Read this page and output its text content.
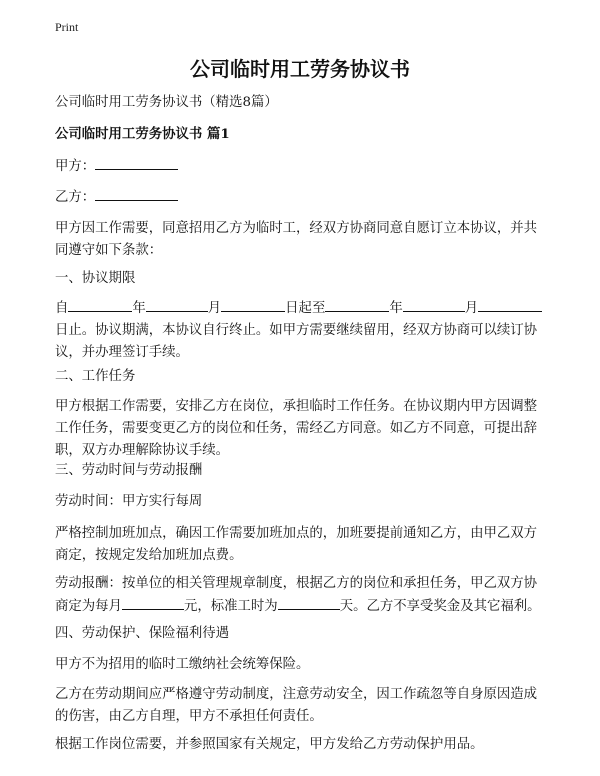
Print
公司临时用工劳务协议书

公司临时用工劳务协议书（精选8篇）

公司临时用工劳务协议书 篇1

甲方：

乙方：

甲方因工作需要，同意招用乙方为临时工，经双方协商同意自愿订立本协议，并共同遵守如下条款：

一、协议期限

自	年	月	日起至	年	月日止。协议期满，本协议自行终止。如甲方需要继续留用，经双方协商可以续订协议，并办理签订手续。

二、工作任务

甲方根据工作需要，安排乙方在岗位，承担临时工作任务。在协议期内甲方因调整工作任务，需要变更乙方的岗位和任务，需经乙方同意。如乙方不同意，可提出辞职，双方办理解除协议手续。

三、劳动时间与劳动报酬

劳动时间：甲方实行每周

严格控制加班加点，确因工作需要加班加点的，加班要提前通知乙方，由甲乙双方商定，按规定发给加班加点费。

劳动报酬：按单位的相关管理规章制度，根据乙方的岗位和承担任务，甲乙双方协商定为每月	元，标准工时为	天。乙方不享受奖金及其它福利。

四、劳动保护、保险福利待遇

甲方不为招用的临时工缴纳社会统筹保险。

乙方在劳动期间应严格遵守劳动制度，注意劳动安全，因工作疏忽等自身原因造成的伤害，由乙方自理，甲方不承担任何责任。

根据工作岗位需要，并参照国家有关规定，甲方发给乙方劳动保护用品。
